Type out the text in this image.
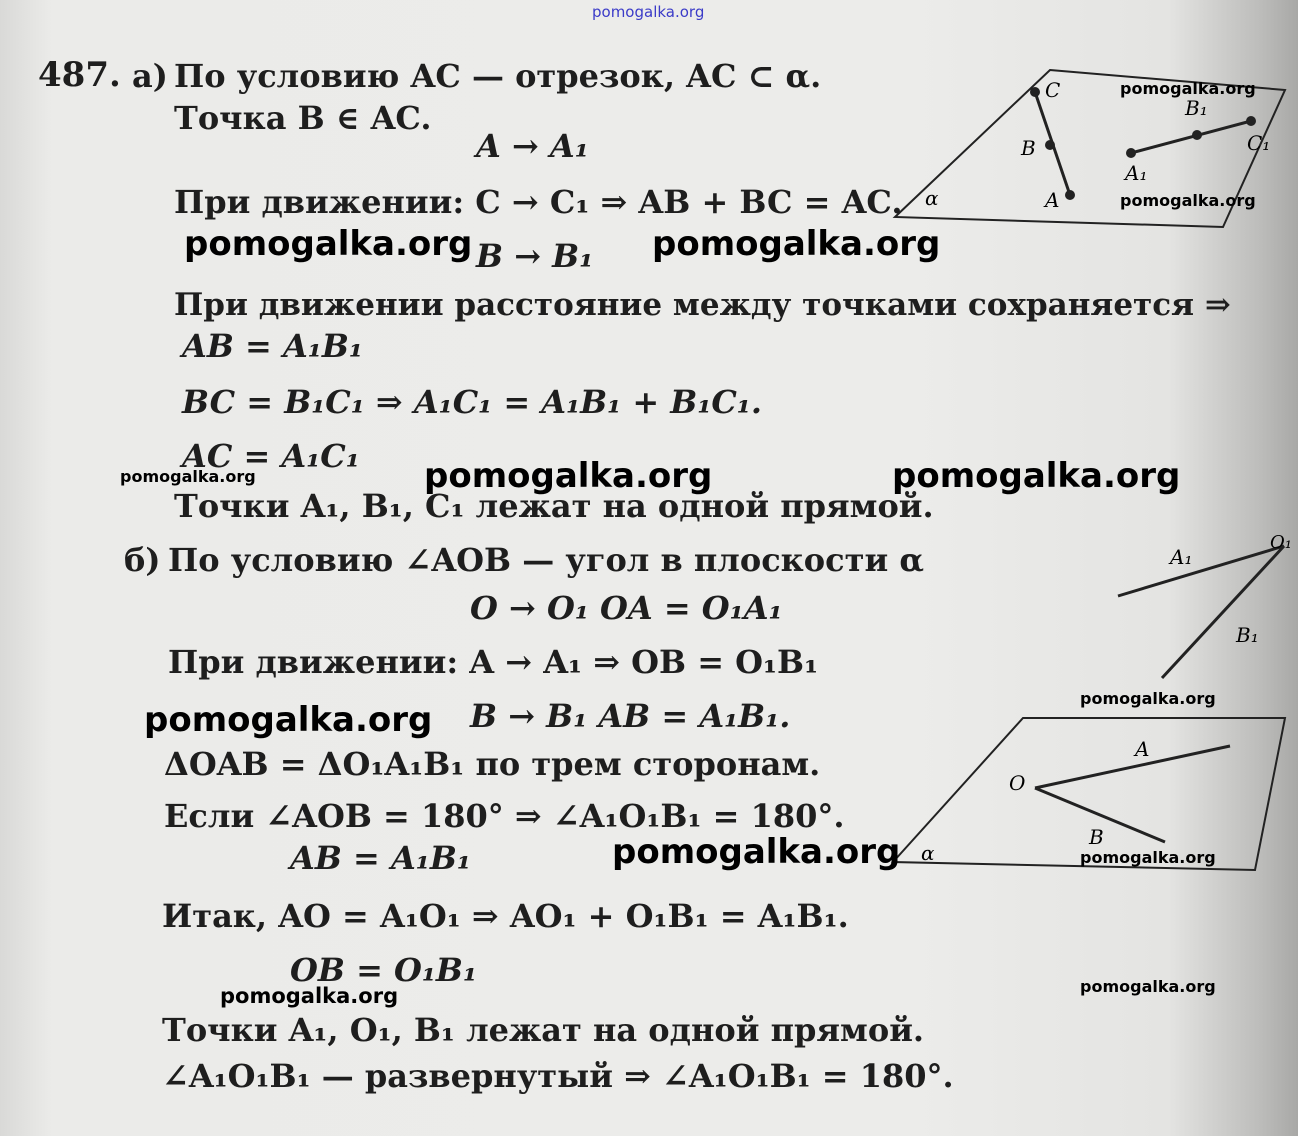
pomogalka.org
487. а) По условию AC — отрезок, AC ⊂ α.
Точка B ∈ AC.
A → A₁
При движении: C → C₁ ⇒ AB + BC = AC.
B → B₁
При движении расстояние между точками сохраняется ⇒
AB = A₁B₁
BC = B₁C₁ ⇒ A₁C₁ = A₁B₁ + B₁C₁.
AC = A₁C₁
Точки A₁, B₁, C₁ лежат на одной прямой.
б) По условию ∠AOB — угол в плоскости α
O → O₁ OA = O₁A₁
При движении: A → A₁ ⇒ OB = O₁B₁
B → B₁ AB = A₁B₁.
ΔOAB = ΔO₁A₁B₁ по трем сторонам.
Если ∠AOB = 180° ⇒ ∠A₁O₁B₁ = 180°.
AB = A₁B₁
Итак, AO = A₁O₁ ⇒ AO₁ + O₁B₁ = A₁B₁.
OB = O₁B₁
Точки A₁, O₁, B₁ лежат на одной прямой.
∠A₁O₁B₁ — развернутый ⇒ ∠A₁O₁B₁ = 180°.
C
B
A
A₁
B₁
C₁
α
A₁
O₁
B₁
O
A
B
α
pomogalka.org
pomogalka.org
pomogalka.org	pomogalka.org
pomogalka.org	pomogalka.org	pomogalka.org
pomogalka.org
pomogalka.org
pomogalka.org	pomogalka.org
pomogalka.org
pomogalka.org
